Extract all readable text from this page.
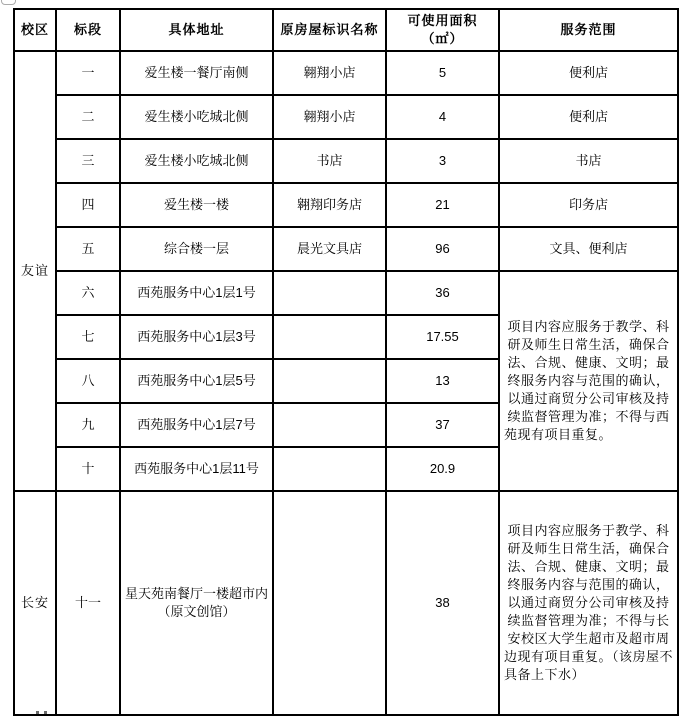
校区	标段	具体地址	原房屋标识名称	可使用面积（㎡）	服务范围
友谊	一	爱生楼一餐厅南侧	翱翔小店	5	便利店
	二	爱生楼小吃城北侧	翱翔小店	4	便利店
	三	爱生楼小吃城北侧	书店	3	书店
	四	爱生楼一楼	翱翔印务店	21	印务店
	五	综合楼一层	晨光文具店	96	文具、便利店
	六	西苑服务中心1层1号		36	项目内容应服务于教学、科研及师生日常生活，确保合法、合规、健康、文明；最终服务内容与范围的确认，以通过商贸分公司审核及持续监督管理为准；不得与西苑现有项目重复。
	七	西苑服务中心1层3号		17.55	
	八	西苑服务中心1层5号		13	
	九	西苑服务中心1层7号		37	
	十	西苑服务中心1层11号		20.9	
长安	十一	星天苑南餐厅一楼超市内（原文创馆）		38	项目内容应服务于教学、科研及师生日常生活，确保合法、合规、健康、文明；最终服务内容与范围的确认，以通过商贸分公司审核及持续监督管理为准；不得与长安校区大学生超市及超市周边现有项目重复。（该房屋不具备上下水）
